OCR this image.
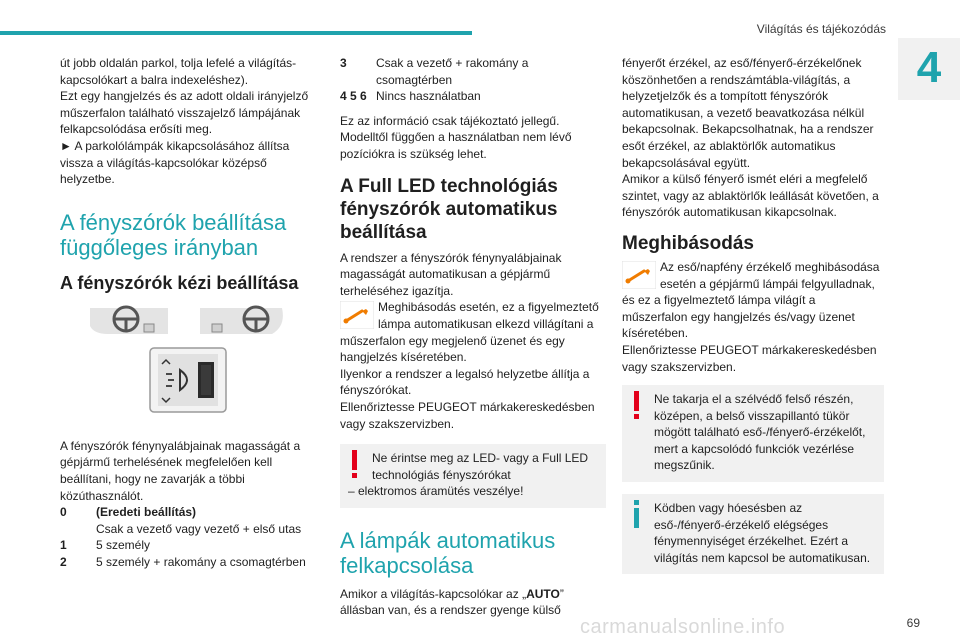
Világítás és tájékozódás
4

út jobb oldalán parkol, tolja lefelé a világítás-kapcsolókart a balra indexeléshez).

Ezt egy hangjelzés és az adott oldali irányjelző műszerfalon található visszajelző lámpájának felkapcsolódása erősíti meg.

► A parkolólámpák kikapcsolásához állítsa vissza a világítás-kapcsolókar középső helyzetbe.

A fényszórók beállítása függőleges irányban
A fényszórók kézi beállítása
1

A fényszórók fénynyalábjainak magasságát a gépjármű terhelésének megfelelően kell beállítani, hogy ne zavarják a többi közúthasználót.

0	(Eredeti beállítás)
Csak a vezető vagy vezető + első utas
1	5 személy
2	5 személy + rakomány a csomagtérben
3	Csak a vezető + rakomány a csomagtérben
4 5 6 Nincs használatban

Ez az információ csak tájékoztató jellegű. Modelltől függően a használatban nem lévő pozíciókra is szükség lehet.

A Full LED technológiás fényszórók automatikus beállítása

A rendszer a fényszórók fénynyalábjainak magasságát automatikusan a gépjármű terheléséhez igazítja.

Meghibásodás esetén, ez a figyelmeztető lámpa automatikusan elkezd villágítani a műszerfalon egy megjelenő üzenet és egy hangjelzés kíséretében.

Ilyenkor a rendszer a legalsó helyzetbe állítja a fényszórókat.

Ellenőriztesse PEUGEOT márkakereskedésben vagy szakszervizben.

Ne érintse meg az LED- vagy a Full LED technológiás fényszórókat
– elektromos áramütés veszélye!
A lámpák automatikus felkapcsolása

Amikor a világítás-kapcsolókar az „AUTO” állásban van, és a rendszer gyenge külső

fényerőt érzékel, az eső/fényerő-érzékelőnek köszönhetően a rendszámtábla-világítás, a helyzetjelzők és a tompított fényszórók automatikusan, a vezető beavatkozása nélkül bekapcsolnak. Bekapcsolhatnak, ha a rendszer esőt érzékel, az ablaktörlők automatikus bekapcsolásával együtt.

Amikor a külső fényerő ismét eléri a megfelelő szintet, vagy az ablaktörlők leállását követően, a fényszórók automatikusan kikapcsolnak.

Meghibásodás

Az eső/napfény érzékelő meghibásodása esetén a gépjármű lámpái felgyulladnak, és ez a figyelmeztető lámpa világít a műszerfalon egy hangjelzés és/vagy üzenet kíséretében.

Ellenőriztesse PEUGEOT márkakereskedésben vagy szakszervizben.

Ne takarja el a szélvédő felső részén, középen, a belső visszapillantó tükör mögött található eső-/fényerő-érzékelőt, mert a kapcsolódó funkciók vezérlése megszűnik.
Ködben vagy hóesésben az eső-/fényerő-érzékelő elégséges fénymennyiséget érzékelhet. Ezért a világítás nem kapcsol be automatikusan.
carmanualsonline.info	69
